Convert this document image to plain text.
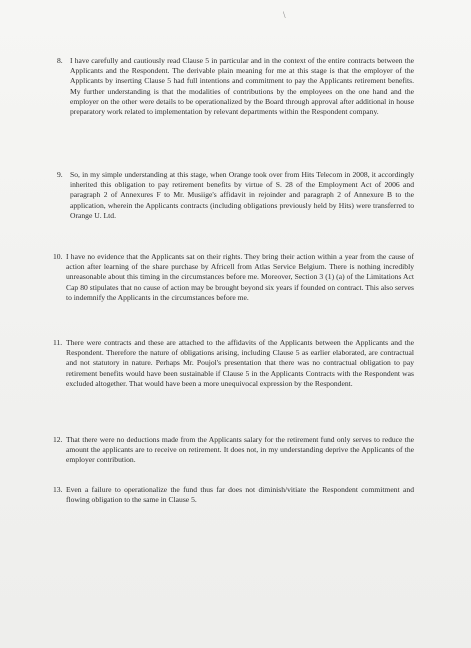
\
8. I have carefully and cautiously read Clause 5 in particular and in the context of the entire contracts between the Applicants and the Respondent. The derivable plain meaning for me at this stage is that the employer of the Applicants by inserting Clause 5 had full intentions and commitment to pay the Applicants retirement benefits. My further understanding is that the modalities of contributions by the employees on the one hand and the employer on the other were details to be operationalized by the Board through approval after additional in house preparatory work related to implementation by relevant departments within the Respondent company.
9. So, in my simple understanding at this stage, when Orange took over from Hits Telecom in 2008, it accordingly inherited this obligation to pay retirement benefits by virtue of S. 28 of the Employment Act of 2006 and paragraph 2 of Annexures F to Mr. Musiige's affidavit in rejoinder and paragraph 2 of Annexure B to the application, wherein the Applicants contracts (including obligations previously held by Hits) were transferred to Orange U. Ltd.
10. I have no evidence that the Applicants sat on their rights. They bring their action within a year from the cause of action after learning of the share purchase by Africell from Atlas Service Belgium. There is nothing incredibly unreasonable about this timing in the circumstances before me. Moreover, Section 3 (1) (a) of the Limitations Act Cap 80 stipulates that no cause of action may be brought beyond six years if founded on contract. This also serves to indemnify the Applicants in the circumstances before me.
11. There were contracts and these are attached to the affidavits of the Applicants between the Applicants and the Respondent. Therefore the nature of obligations arising, including Clause 5 as earlier elaborated, are contractual and not statutory in nature. Perhaps Mr. Poujol's presentation that there was no contractual obligation to pay retirement benefits would have been sustainable if Clause 5 in the Applicants Contracts with the Respondent was excluded altogether. That would have been a more unequivocal expression by the Respondent.
12. That there were no deductions made from the Applicants salary for the retirement fund only serves to reduce the amount the applicants are to receive on retirement. It does not, in my understanding deprive the Applicants of the employer contribution.
13. Even a failure to operationalize the fund thus far does not diminish/vitiate the Respondent commitment and flowing obligation to the same in Clause 5.
